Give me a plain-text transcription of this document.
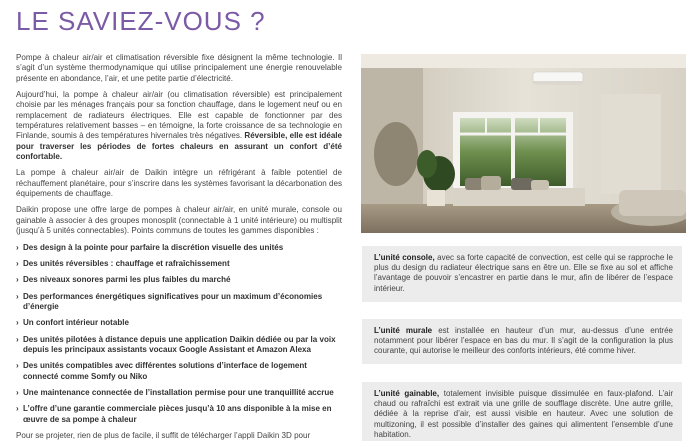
LE SAVIEZ-VOUS ?

Pompe à chaleur air/air et climatisation réversible fixe désignent la même technologie. Il s’agit d’un système thermodynamique qui utilise principalement une énergie renouvelable présente en abondance, l’air, et une petite partie d’électricité.

Aujourd’hui, la pompe à chaleur air/air (ou climatisation réversible) est principalement choisie par les ménages français pour sa fonction chauffage, dans le logement neuf ou en remplacement de radiateurs électriques. Elle est capable de fonctionner par des températures relativement basses – en témoigne, la forte croissance de sa technologie en Finlande, soumis à des températures hivernales très négatives. Réversible, elle est idéale pour traverser les périodes de fortes chaleurs en assurant un confort d’été confortable.

La pompe à chaleur air/air de Daikin intègre un réfrigérant à faible potentiel de réchauffement planétaire, pour s’inscrire dans les systèmes favorisant la décarbonation des équipements de chauffage.

Daikin propose une offre large de pompes à chaleur air/air, en unité murale, console ou gainable à associer à des groupes monosplit (connectable à 1 unité intérieure) ou multisplit (jusqu’à 5 unités connectables). Points communs de toutes les gammes disponibles :

› Des design à la pointe pour parfaire la discrétion visuelle des unités
› Des unités réversibles : chauffage et rafraîchissement
› Des niveaux sonores parmi les plus faibles du marché
› Des performances énergétiques significatives pour un maximum d’économies d’énergie
› Un confort intérieur notable
› Des unités pilotées à distance depuis une application Daikin dédiée ou par la voix depuis les principaux assistants vocaux Google Assistant et Amazon Alexa
› Des unités compatibles avec différentes solutions d’interface de logement connecté comme Somfy ou Niko
› Une maintenance connectée de l’installation permise pour une tranquillité accrue
› L’offre d’une garantie commerciale pièces jusqu’à 10 ans disponible à la mise en œuvre de sa pompe à chaleur

Pour se projeter, rien de plus de facile, il suffit de télécharger l’appli Daikin 3D pour

L’unité console, avec sa forte capacité de convection, est celle qui se rapproche le plus du design du radiateur électrique sans en être un. Elle se fixe au sol et affiche l’avantage de pouvoir s’encastrer en partie dans le mur, afin de libérer de l’espace intérieur.
L’unité murale est installée en hauteur d’un mur, au-dessus d’une entrée notamment pour libérer l’espace en bas du mur. Il s’agit de la configuration la plus courante, qui autorise le meilleur des conforts intérieurs, été comme hiver.
L’unité gainable, totalement invisible puisque dissimulée en faux-plafond. L’air chaud ou rafraîchi est extrait via une grille de soufflage discrète. Une autre grille, dédiée à la reprise d’air, est aussi visible en hauteur. Avec une solution de multizoning, il est possible d’installer des gaines qui alimentent l’ensemble d’une habitation.
